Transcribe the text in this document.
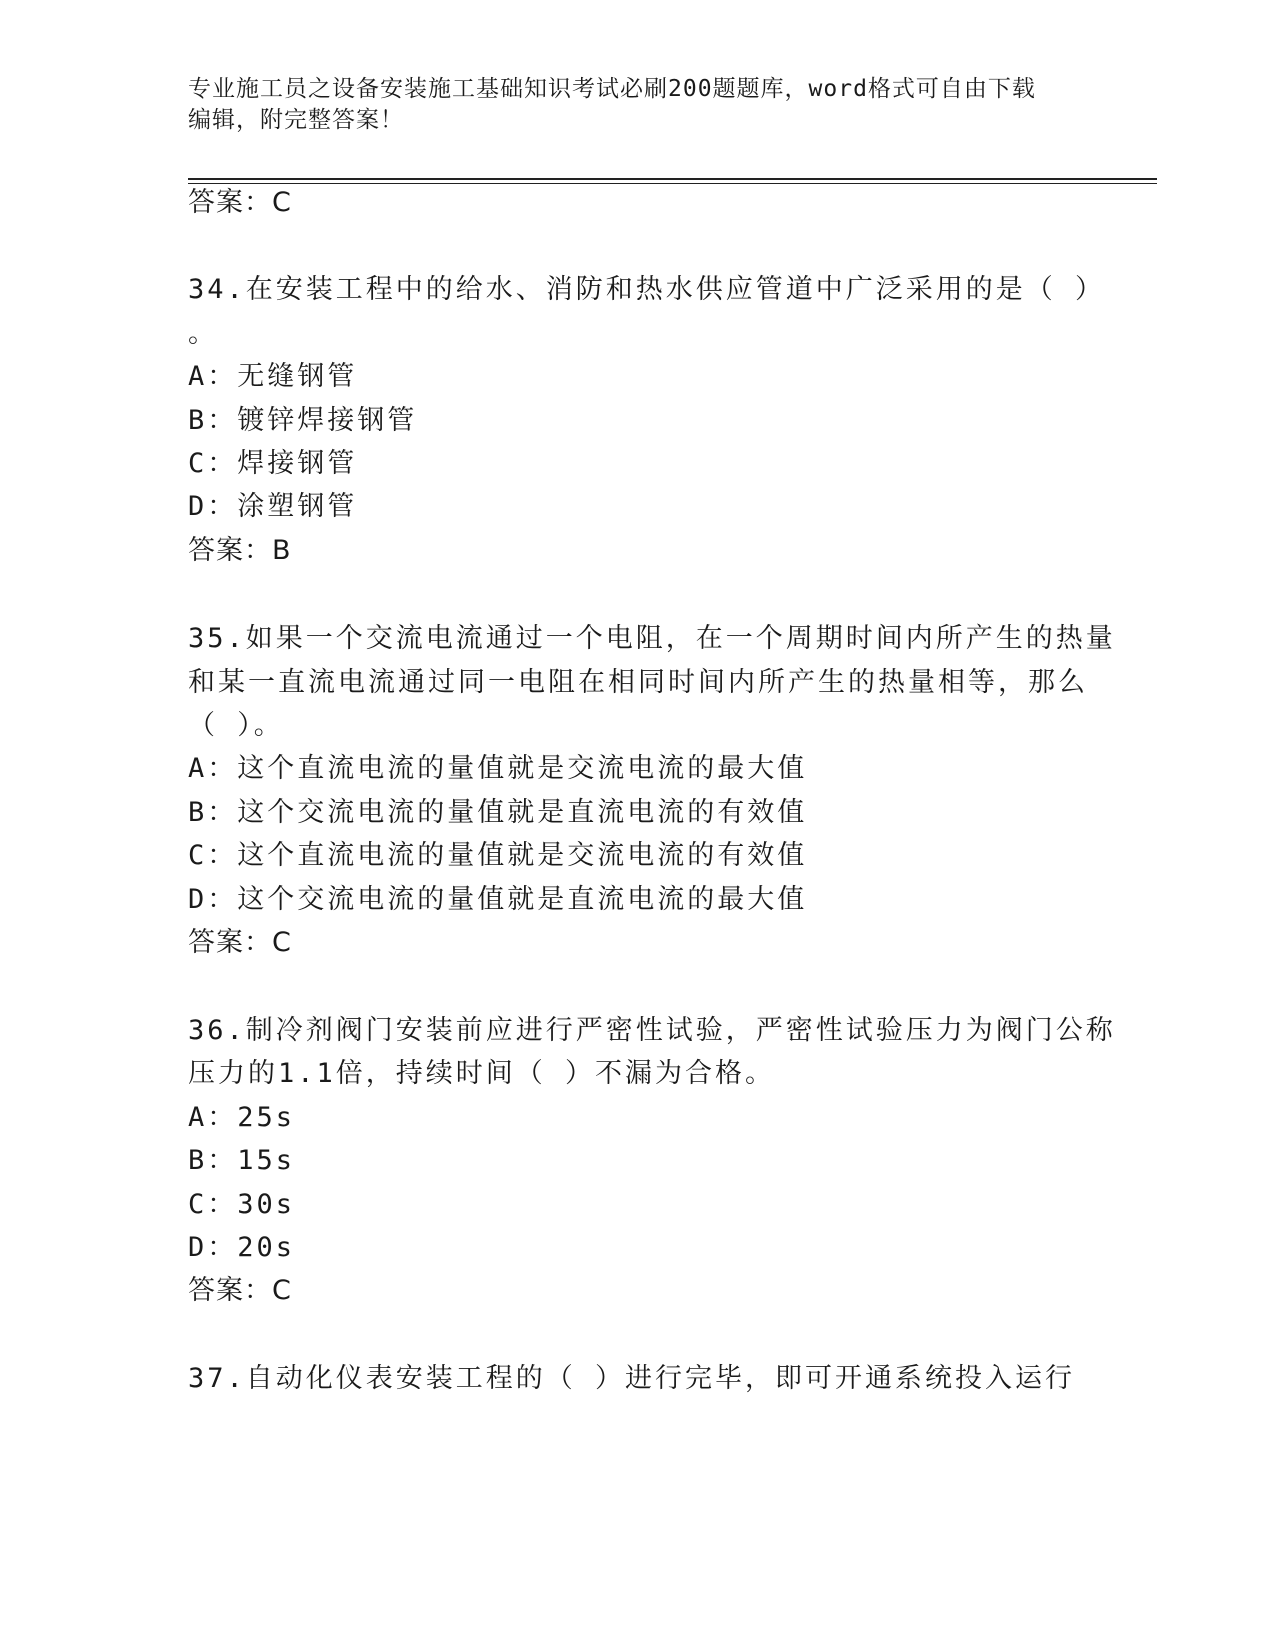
专业施工员之设备安装施工基础知识考试必刷200题题库，word格式可自由下载
编辑，附完整答案！
答案：C
34.在安装工程中的给水、消防和热水供应管道中广泛采用的是（ ）
。
A：无缝钢管
B：镀锌焊接钢管
C：焊接钢管
D：涂塑钢管
答案：B
35.如果一个交流电流通过一个电阻，在一个周期时间内所产生的热量
和某一直流电流通过同一电阻在相同时间内所产生的热量相等，那么
（ ）。
A：这个直流电流的量值就是交流电流的最大值
B：这个交流电流的量值就是直流电流的有效值
C：这个直流电流的量值就是交流电流的有效值
D：这个交流电流的量值就是直流电流的最大值
答案：C
36.制冷剂阀门安装前应进行严密性试验，严密性试验压力为阀门公称
压力的1.1倍，持续时间（ ）不漏为合格。
A：25s
B：15s
C：30s
D：20s
答案：C
37.自动化仪表安装工程的（ ）进行完毕，即可开通系统投入运行
